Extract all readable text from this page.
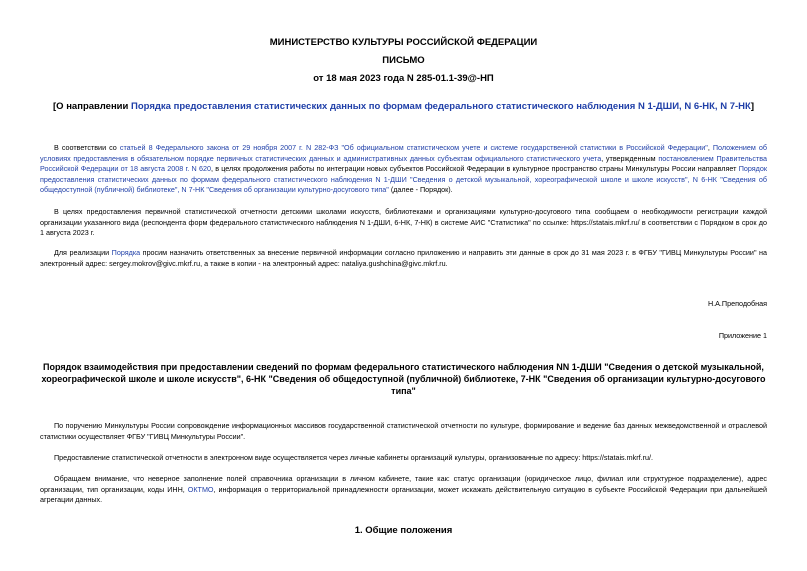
МИНИСТЕРСТВО КУЛЬТУРЫ РОССИЙСКОЙ ФЕДЕРАЦИИ
ПИСЬМО
от 18 мая 2023 года N 285-01.1-39@-НП
[О направлении Порядка предоставления статистических данных по формам федерального статистического наблюдения N 1-ДШИ, N 6-НК, N 7-НК]
В соответствии со статьей 8 Федерального закона от 29 ноября 2007 г. N 282-ФЗ "Об официальном статистическом учете и системе государственной статистики в Российской Федерации", Положением об условиях предоставления в обязательном порядке первичных статистических данных и административных данных субъектам официального статистического учета, утвержденным постановлением Правительства Российской Федерации от 18 августа 2008 г. N 620, в целях продолжения работы по интеграции новых субъектов Российской Федерации в культурное пространство страны Минкультуры России направляет Порядок предоставления статистических данных по формам федерального статистического наблюдения N 1-ДШИ "Сведения о детской музыкальной, хореографической школе и школе искусств", N 6-НК "Сведения об общедоступной (публичной) библиотеке", N 7-НК "Сведения об организации культурно-досугового типа" (далее - Порядок).
В целях предоставления первичной статистической отчетности детскими школами искусств, библиотеками и организациями культурно-досугового типа сообщаем о необходимости регистрации каждой организации указанного вида (респондента форм федерального статистического наблюдения N 1-ДШИ, 6-НК, 7-НК) в системе АИС "Статистика" по ссылке: https://statais.mkrf.ru/ в соответствии с Порядком в срок до 1 августа 2023 г.
Для реализации Порядка просим назначить ответственных за внесение первичной информации согласно приложению и направить эти данные в срок до 31 мая 2023 г. в ФГБУ "ГИВЦ Минкультуры России" на электронный адрес: sergey.mokrov@givc.mkrf.ru, а также в копии - на электронный адрес: nataliya.gushchina@givc.mkrf.ru.
Н.А.Преподобная
Приложение 1
Порядок взаимодействия при предоставлении сведений по формам федерального статистического наблюдения NN 1-ДШИ "Сведения о детской музыкальной, хореографической школе и школе искусств", 6-НК "Сведения об общедоступной (публичной) библиотеке, 7-НК "Сведения об организации культурно-досугового типа"
По поручению Минкультуры России сопровождение информационных массивов государственной статистической отчетности по культуре, формирование и ведение баз данных межведомственной и отраслевой статистики осуществляет ФГБУ "ГИВЦ Минкультуры России".
Предоставление статистической отчетности в электронном виде осуществляется через личные кабинеты организаций культуры, организованные по адресу: https://statais.mkrf.ru/.
Обращаем внимание, что неверное заполнение полей справочника организации в личном кабинете, такие как: статус организации (юридическое лицо, филиал или структурное подразделение), адрес организации, тип организации, коды ИНН, ОКТМО, информация о территориальной принадлежности организации, может искажать действительную ситуацию в субъекте Российской Федерации при дальнейшей агрегации данных.
1. Общие положения
